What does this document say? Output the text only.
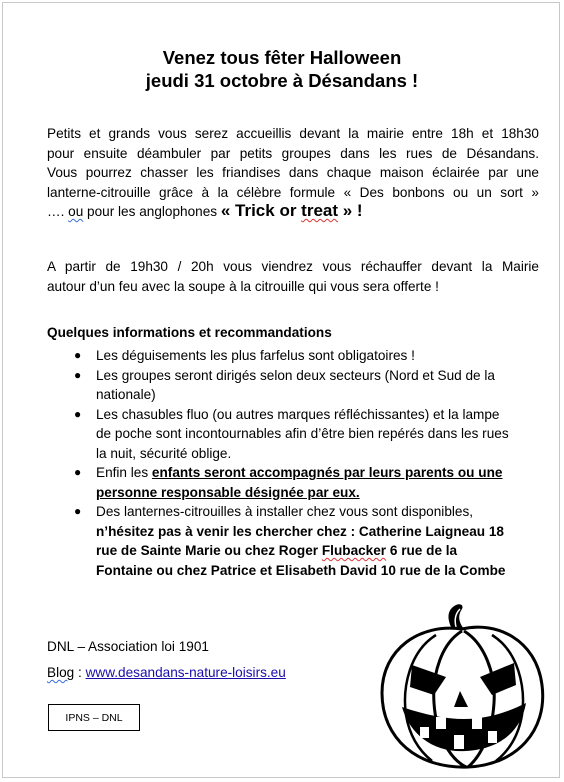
Venez tous fêter Halloween
jeudi 31 octobre à Désandans !
Petits et grands vous serez accueillis devant la mairie entre 18h et 18h30
pour ensuite déambuler par petits groupes dans les rues de Désandans.
Vous pourrez chasser les friandises dans chaque maison éclairée par une
lanterne-citrouille grâce à la célèbre formule « Des bonbons ou un sort »
…. ou pour les anglophones « Trick or treat » !
A partir de 19h30 / 20h vous viendrez vous réchauffer devant la Mairie
autour d’un feu avec la soupe à la citrouille qui vous sera offerte !
Quelques informations et recommandations
● Les déguisements les plus farfelus sont obligatoires !
● Les groupes seront dirigés selon deux secteurs (Nord et Sud de la nationale)
● Les chasubles fluo (ou autres marques réfléchissantes) et la lampe de poche sont incontournables afin d’être bien repérés dans les rues la nuit, sécurité oblige.
● Enfin les enfants seront accompagnés par leurs parents ou une personne responsable désignée par eux.
● Des lanternes-citrouilles à installer chez vous sont disponibles, n’hésitez pas à venir les chercher chez : Catherine Laigneau 18 rue de Sainte Marie ou chez Roger Flubacker 6 rue de la Fontaine ou chez Patrice et Elisabeth David 10 rue de la Combe
DNL – Association loi 1901
Blog : www.desandans-nature-loisirs.eu
IPNS – DNL
